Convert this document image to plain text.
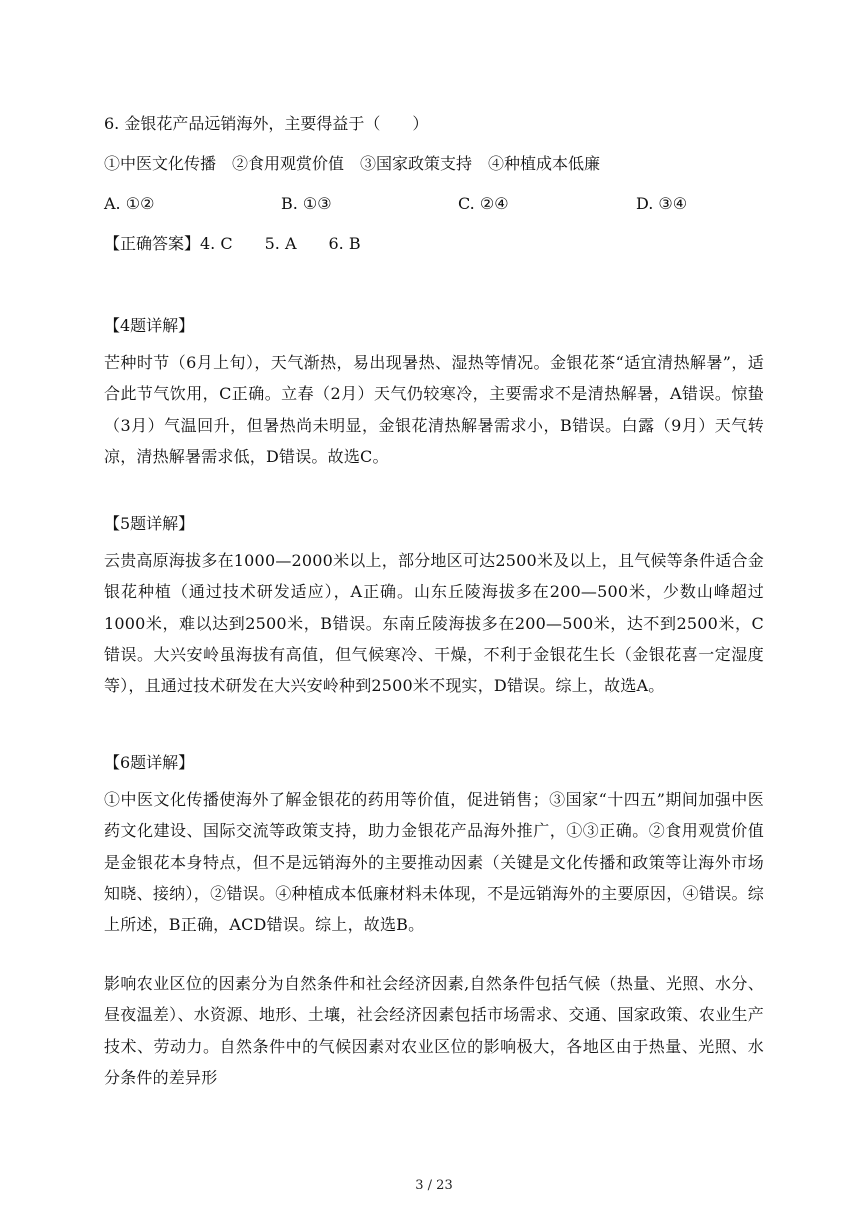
6. 金银花产品远销海外，主要得益于（　　）
①中医文化传播　②食用观赏价值　③国家政策支持　④种植成本低廉
A. ①②	B. ①③	C. ②④	D. ③④
【正确答案】4. C　　5. A　　6. B
【4题详解】
芒种时节（6月上旬），天气渐热，易出现暑热、湿热等情况。金银花茶“适宜清热解暑”，适合此节气饮用，C正确。立春（2月）天气仍较寒冷，主要需求不是清热解暑，A错误。惊蛰（3月）气温回升，但暑热尚未明显，金银花清热解暑需求小，B错误。白露（9月）天气转凉，清热解暑需求低，D错误。故选C。
【5题详解】
云贵高原海拔多在1000—2000米以上，部分地区可达2500米及以上，且气候等条件适合金银花种植（通过技术研发适应），A正确。山东丘陵海拔多在200—500米，少数山峰超过1000米，难以达到2500米，B错误。东南丘陵海拔多在200—500米，达不到2500米，C错误。大兴安岭虽海拔有高值，但气候寒冷、干燥，不利于金银花生长（金银花喜一定湿度等），且通过技术研发在大兴安岭种到2500米不现实，D错误。综上，故选A。
【6题详解】
①中医文化传播使海外了解金银花的药用等价值，促进销售；③国家“十四五”期间加强中医药文化建设、国际交流等政策支持，助力金银花产品海外推广，①③正确。②食用观赏价值是金银花本身特点，但不是远销海外的主要推动因素（关键是文化传播和政策等让海外市场知晓、接纳），②错误。④种植成本低廉材料未体现，不是远销海外的主要原因，④错误。综上所述，B正确，ACD错误。综上，故选B。
影响农业区位的因素分为自然条件和社会经济因素,自然条件包括气候（热量、光照、水分、昼夜温差）、水资源、地形、土壤，社会经济因素包括市场需求、交通、国家政策、农业生产技术、劳动力。自然条件中的气候因素对农业区位的影响极大，各地区由于热量、光照、水分条件的差异形
3 / 23
